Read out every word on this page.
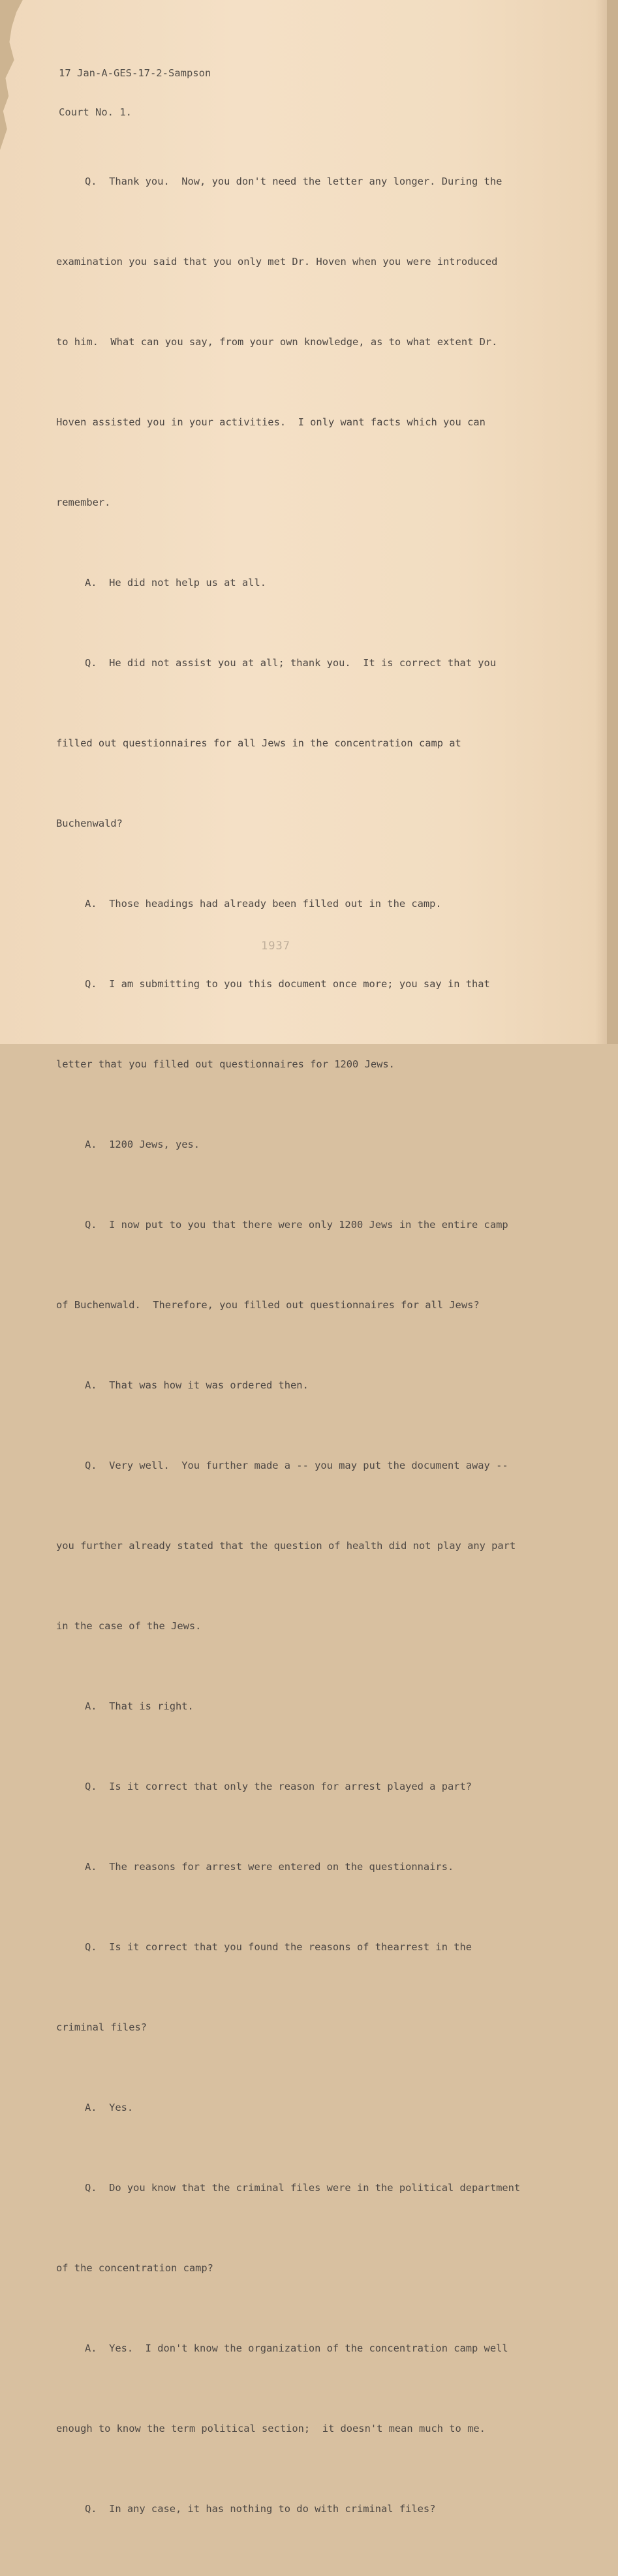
17 Jan-A-GES-17-2-Sampson

Court No. 1.

Q.  Thank you.  Now, you don't need the letter any longer. During the

examination you said that you only met Dr. Hoven when you were introduced

to him.  What can you say, from your own knowledge, as to what extent Dr.

Hoven assisted you in your activities.  I only want facts which you can

remember.

A.  He did not help us at all.

Q.  He did not assist you at all; thank you.  It is correct that you

filled out questionnaires for all Jews in the concentration camp at

Buchenwald?

A.  Those headings had already been filled out in the camp.

Q.  I am submitting to you this document once more; you say in that

letter that you filled out questionnaires for 1200 Jews.

A.  1200 Jews, yes.

Q.  I now put to you that there were only 1200 Jews in the entire camp

of Buchenwald.  Therefore, you filled out questionnaires for all Jews?

A.  That was how it was ordered then.

Q.  Very well.  You further made a -- you may put the document away --

you further already stated that the question of health did not play any part

in the case of the Jews.

A.  That is right.

Q.  Is it correct that only the reason for arrest played a part?

A.  The reasons for arrest were entered on the questionnairs.

Q.  Is it correct that you found the reasons of thearrest in the

criminal files?

A.  Yes.

Q.  Do you know that the criminal files were in the political department

of the concentration camp?

A.  Yes.  I don't know the organization of the concentration camp well

enough to know the term political section;  it doesn't mean much to me.

Q.  In any case, it has nothing to do with criminal files?

1937
